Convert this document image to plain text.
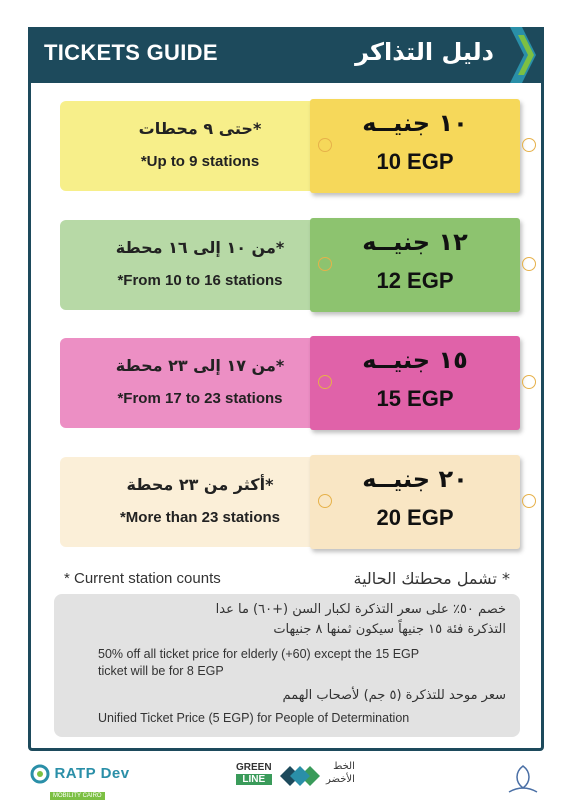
TICKETS GUIDE	دليل التذاكر
١٠ جنيــه
10 EGP
*حتى ٩ محطات
*Up to 9 stations
١٢ جنيــه
12 EGP
*من ١٠ إلى ١٦ محطة
*From 10 to 16 stations
١٥ جنيــه
15 EGP
*من ١٧ إلى ٢٣ محطة
*From 17 to 23 stations
٢٠ جنيــه
20 EGP
*أكثر من ٢٣ محطة
*More than 23 stations
* Current station counts	* تشمل محطتك الحالية
خصم ٥٠٪ على سعر التذكرة لكبار السن (+٦٠) ما عدا
التذكرة فئة ١٥ جنيهاً سيكون ثمنها ٨ جنيهات
50% off all ticket price for elderly (+60) except the 15 EGP
ticket will be for 8 EGP
سعر موحد للتذكرة (٥ جم) لأصحاب الهمم
Unified Ticket Price (5 EGP) for People of Determination
RATP Dev
MOBILITY CAIRO
GREEN
LINE
الخط
الأخضر
